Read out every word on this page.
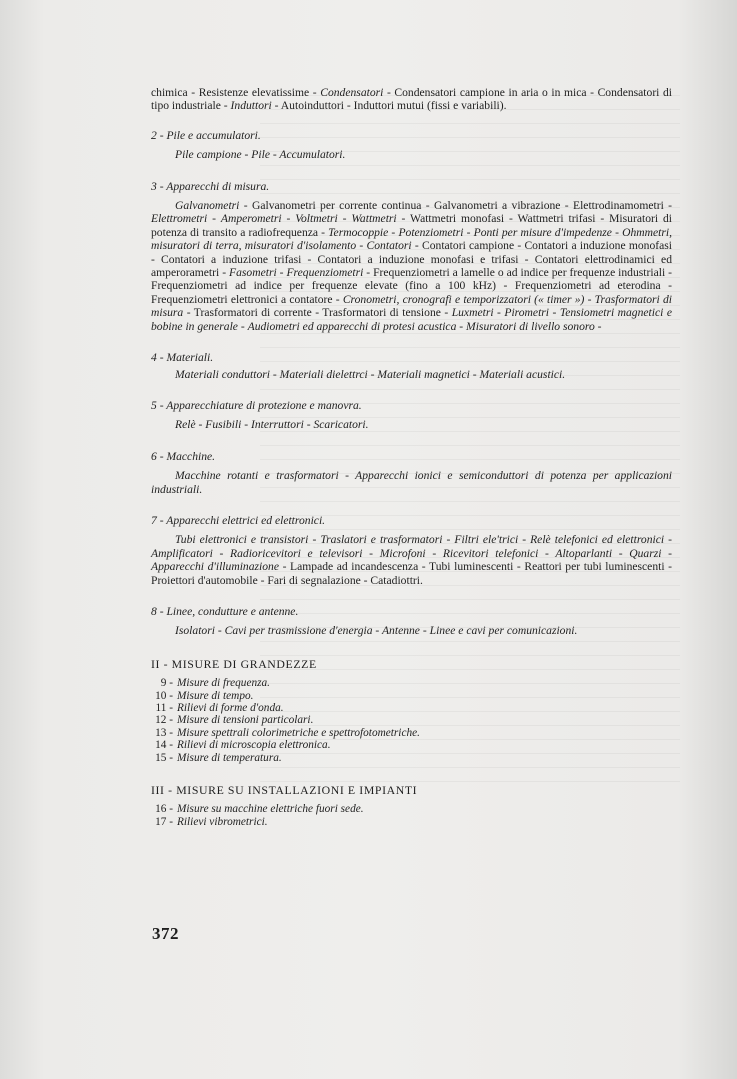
chimica - Resistenze elevatissime - Condensatori - Condensatori campione in aria o in mica - Condensatori di tipo industriale - Induttori - Autoinduttori - Induttori mutui (fissi e variabili).

2 - Pile e accumulatori.

Pile campione - Pile - Accumulatori.

3 - Apparecchi di misura.

Galvanometri - Galvanometri per corrente continua - Galvanometri a vibrazione - Elettrodinamometri - Elettrometri - Amperometri - Voltmetri - Wattmetri - Wattmetri monofasi - Wattmetri trifasi - Misuratori di potenza di transito a radiofrequenza - Termocoppie - Potenziometri - Ponti per misure d'impedenze - Ohmmetri, misuratori di terra, misuratori d'isolamento - Contatori - Contatori campione - Contatori a induzione monofasi - Contatori a induzione trifasi - Contatori a induzione monofasi e trifasi - Contatori elettrodinamici ed amperorametri - Fasometri - Frequenziometri - Frequenziometri a lamelle o ad indice per frequenze industriali - Frequenziometri ad indice per frequenze elevate (fino a 100 kHz) - Frequenziometri ad eterodina - Frequenziometri elettronici a contatore - Cronometri, cronografi e temporizzatori (« timer ») - Trasformatori di misura - Trasformatori di corrente - Trasformatori di tensione - Luxmetri - Pirometri - Tensiometri magnetici e bobine in generale - Audiometri ed apparecchi di protesi acustica - Misuratori di livello sonoro -

4 - Materiali.

Materiali conduttori - Materiali dielettrci - Materiali magnetici - Materiali acustici.

5 - Apparecchiature di protezione e manovra.

Relè - Fusibili - Interruttori - Scaricatori.

6 - Macchine.

Macchine rotanti e trasformatori - Apparecchi ionici e semiconduttori di potenza per applicazioni industriali.

7 - Apparecchi elettrici ed elettronici.

Tubi elettronici e transistori - Traslatori e trasformatori - Filtri ele'trici - Relè telefonici ed elettronici - Amplificatori - Radioricevitori e televisori - Microfoni - Ricevitori telefonici - Altoparlanti - Quarzi - Apparecchi d'illuminazione - Lampade ad incandescenza - Tubi luminescenti - Reattori per tubi luminescenti - Proiettori d'automobile - Fari di segnalazione - Catadiottri.

8 - Linee, condutture e antenne.

Isolatori - Cavi per trasmissione d'energia - Antenne - Linee e cavi per comunicazioni.

II - MISURE DI GRANDEZZE

9 - Misure di frequenza.
10 - Misure di tempo.
11 - Rilievi di forme d'onda.
12 - Misure di tensioni particolari.
13 - Misure spettrali colorimetriche e spettrofotometriche.
14 - Rilievi di microscopia elettronica.
15 - Misure di temperatura.

III - MISURE SU INSTALLAZIONI E IMPIANTI

16 - Misure su macchine elettriche fuori sede.
17 - Rilievi vibrometrici.
372
